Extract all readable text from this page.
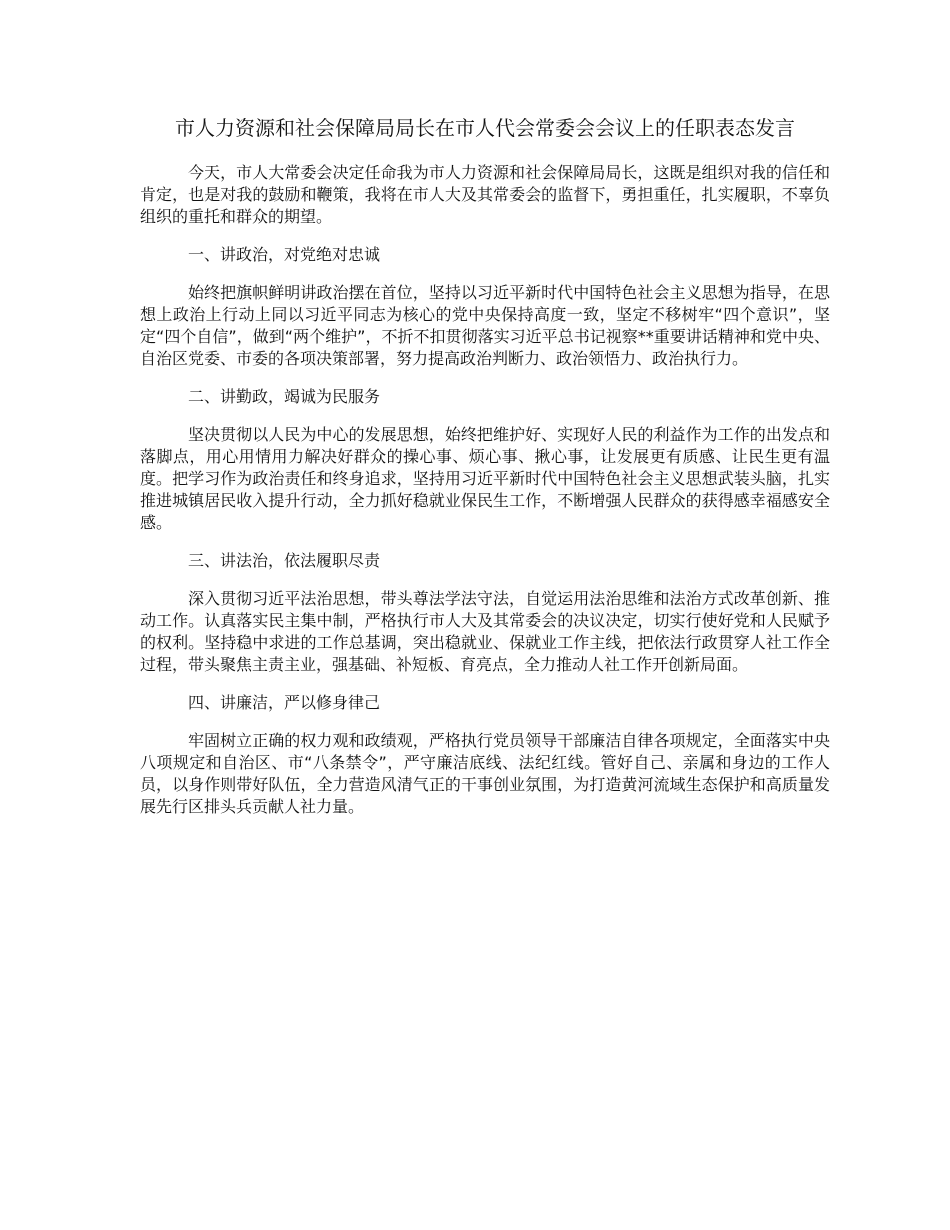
市人力资源和社会保障局局长在市人代会常委会会议上的任职表态发言

今天，市人大常委会决定任命我为市人力资源和社会保障局局长，这既是组织对我的信任和肯定，也是对我的鼓励和鞭策，我将在市人大及其常委会的监督下，勇担重任，扎实履职，不辜负组织的重托和群众的期望。

一、讲政治，对党绝对忠诚

始终把旗帜鲜明讲政治摆在首位，坚持以习近平新时代中国特色社会主义思想为指导，在思想上政治上行动上同以习近平同志为核心的党中央保持高度一致，坚定不移树牢“四个意识”，坚定“四个自信”，做到“两个维护”，不折不扣贯彻落实习近平总书记视察**重要讲话精神和党中央、自治区党委、市委的各项决策部署，努力提高政治判断力、政治领悟力、政治执行力。

二、讲勤政，竭诚为民服务

坚决贯彻以人民为中心的发展思想，始终把维护好、实现好人民的利益作为工作的出发点和落脚点，用心用情用力解决好群众的操心事、烦心事、揪心事，让发展更有质感、让民生更有温度。把学习作为政治责任和终身追求，坚持用习近平新时代中国特色社会主义思想武装头脑，扎实推进城镇居民收入提升行动，全力抓好稳就业保民生工作，不断增强人民群众的获得感幸福感安全感。

三、讲法治，依法履职尽责

深入贯彻习近平法治思想，带头尊法学法守法，自觉运用法治思维和法治方式改革创新、推动工作。认真落实民主集中制，严格执行市人大及其常委会的决议决定，切实行使好党和人民赋予的权利。坚持稳中求进的工作总基调，突出稳就业、保就业工作主线，把依法行政贯穿人社工作全过程，带头聚焦主责主业，强基础、补短板、育亮点，全力推动人社工作开创新局面。

四、讲廉洁，严以修身律己

牢固树立正确的权力观和政绩观，严格执行党员领导干部廉洁自律各项规定，全面落实中央八项规定和自治区、市“八条禁令”，严守廉洁底线、法纪红线。管好自己、亲属和身边的工作人员，以身作则带好队伍，全力营造风清气正的干事创业氛围，为打造黄河流域生态保护和高质量发展先行区排头兵贡献人社力量。
